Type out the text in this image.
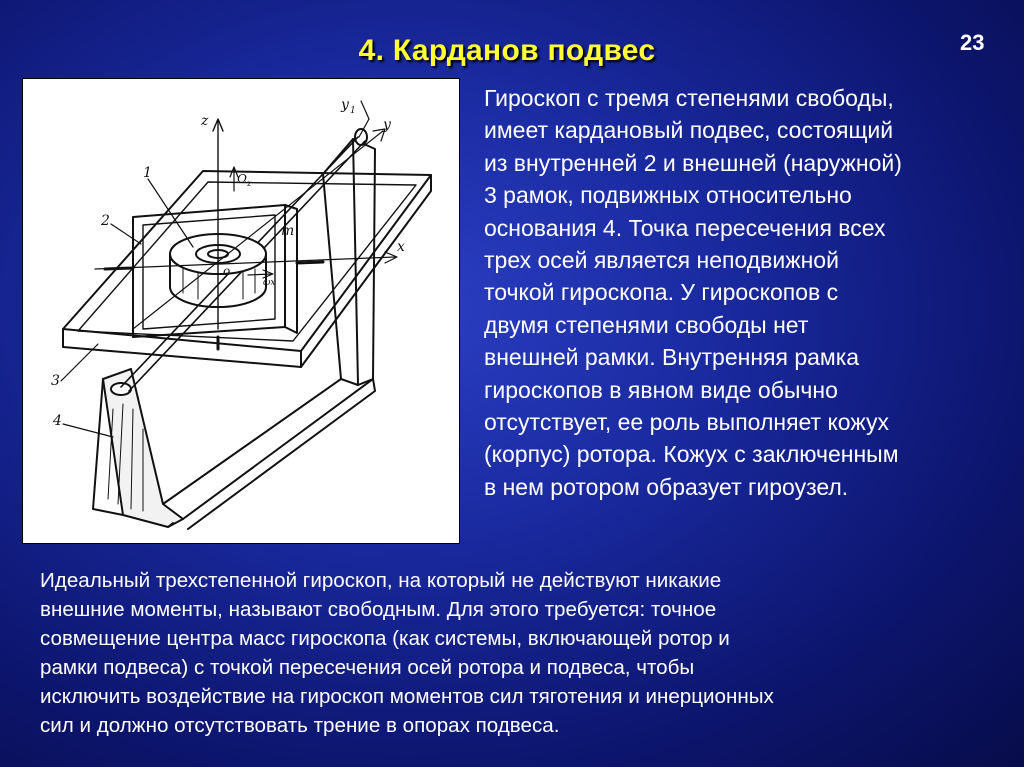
23
4. Карданов подвес
z
y 1
y
x
Ω z
m
o
ωx
1
2
3
4

Гироскоп с тремя степенями свободы,
имеет кардановый подвес, состоящий
из внутренней 2 и внешней (наружной)
3 рамок, подвижных относительно
основания 4. Точка пересечения всех
трех осей является неподвижной
точкой гироскопа. У гироскопов с
двумя степенями свободы нет
внешней рамки. Внутренняя рамка
гироскопов в явном виде обычно
отсутствует, ее роль выполняет кожух
(корпус) ротора. Кожух с заключенным
в нем ротором образует гироузел.

Идеальный трехстепенной гироскоп, на который не действуют никакие
внешние моменты, называют свободным. Для этого требуется: точное
совмещение центра масс гироскопа (как системы, включающей ротор и
рамки подвеса) с точкой пересечения осей ротора и подвеса, чтобы
исключить воздействие на гироскоп моментов сил тяготения и инерционных
сил и должно отсутствовать трение в опорах подвеса.
